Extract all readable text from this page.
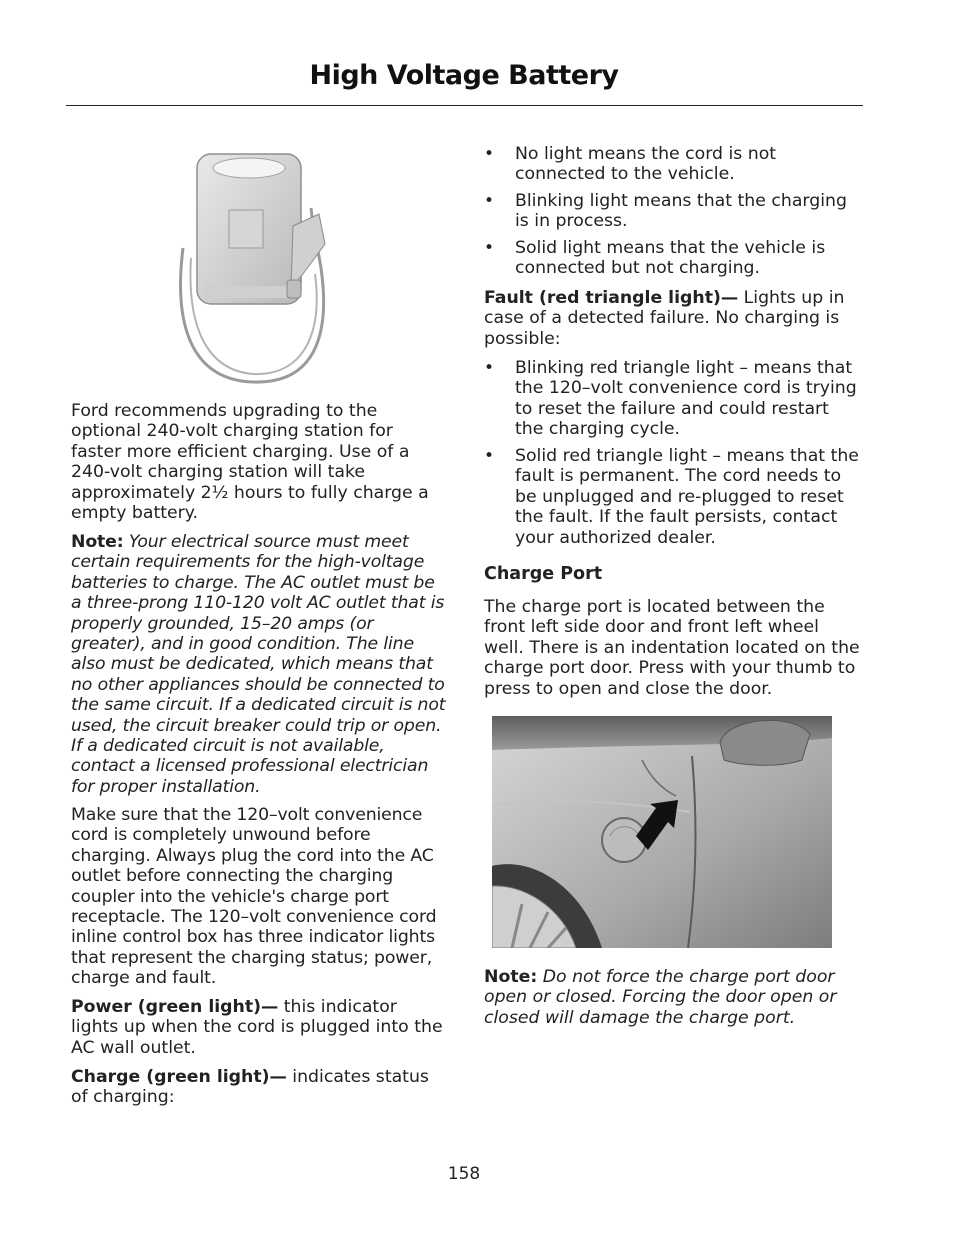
High Voltage Battery

Ford recommends upgrading to the optional 240-volt charging station for faster more efficient charging. Use of a 240-volt charging station will take approximately 2½ hours to fully charge a empty battery.

Note: Your electrical source must meet certain requirements for the high-voltage batteries to charge. The AC outlet must be a three-prong 110-120 volt AC outlet that is properly grounded, 15–20 amps (or greater), and in good condition. The line also must be dedicated, which means that no other appliances should be connected to the same circuit. If a dedicated circuit is not used, the circuit breaker could trip or open. If a dedicated circuit is not available, contact a licensed professional electrician for proper installation.

Make sure that the 120–volt convenience cord is completely unwound before charging. Always plug the cord into the AC outlet before connecting the charging coupler into the vehicle's charge port receptacle. The 120–volt convenience cord inline control box has three indicator lights that represent the charging status; power, charge and fault.

Power (green light)— this indicator lights up when the cord is plugged into the AC wall outlet.

Charge (green light)— indicates status of charging:

• No light means the cord is not connected to the vehicle.

• Blinking light means that the charging is in process.

• Solid light means that the vehicle is connected but not charging.

Fault (red triangle light)— Lights up in case of a detected failure. No charging is possible:

• Blinking red triangle light – means that the 120–volt convenience cord is trying to reset the failure and could restart the charging cycle.

• Solid red triangle light – means that the fault is permanent. The cord needs to be unplugged and re-plugged to reset the fault. If the fault persists, contact your authorized dealer.

Charge Port

The charge port is located between the front left side door and front left wheel well. There is an indentation located on the charge port door. Press with your thumb to press to open and close the door.

Note: Do not force the charge port door open or closed. Forcing the door open or closed will damage the charge port.

158
